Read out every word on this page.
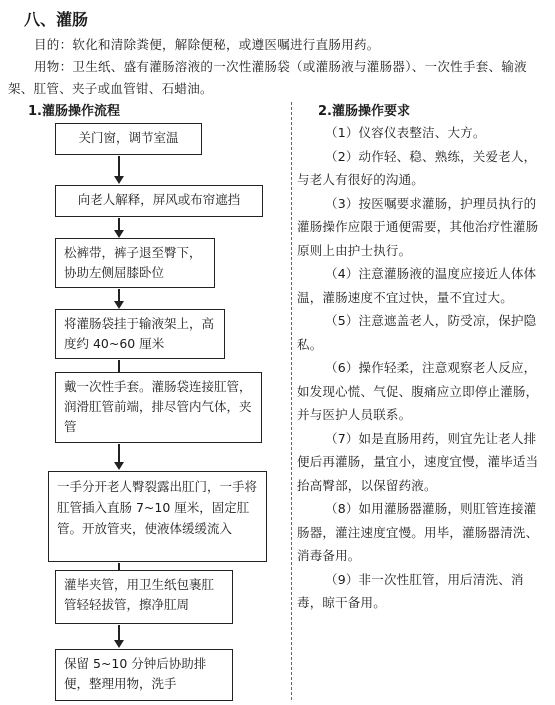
八、灌肠
目的：软化和清除粪便，解除便秘，或遵医嘱进行直肠用药。
用物：卫生纸、盛有灌肠溶液的一次性灌肠袋（或灌肠液与灌肠器）、一次性手套、输液架、肛管、夹子或血管钳、石蜡油。
1.灌肠操作流程	2.灌肠操作要求
关门窗，调节室温
向老人解释，屏风或布帘遮挡
松裤带，裤子退至臀下，协助左侧屈膝卧位
将灌肠袋挂于输液架上，高度约 40~60 厘米
戴一次性手套。灌肠袋连接肛管，润滑肛管前端，排尽管内气体，夹管
一手分开老人臀裂露出肛门，一手将肛管插入直肠 7~10 厘米，固定肛管。开放管夹，使液体缓缓流入
灌毕夹管，用卫生纸包裹肛管轻轻拔管，擦净肛周
保留 5~10 分钟后协助排便，整理用物，洗手

（1）仪容仪表整洁、大方。

（2）动作轻、稳、熟练，关爱老人，与老人有很好的沟通。

（3）按医嘱要求灌肠，护理员执行的灌肠操作应限于通便需要，其他治疗性灌肠原则上由护士执行。

（4）注意灌肠液的温度应接近人体体温，灌肠速度不宜过快，量不宜过大。

（5）注意遮盖老人，防受凉，保护隐私。

（6）操作轻柔，注意观察老人反应，如发现心慌、气促、腹痛应立即停止灌肠，并与医护人员联系。

（7）如是直肠用药，则宜先让老人排便后再灌肠，量宜小，速度宜慢，灌毕适当抬高臀部，以保留药液。

（8）如用灌肠器灌肠，则肛管连接灌肠器，灌注速度宜慢。用毕，灌肠器清洗、消毒备用。

（9）非一次性肛管，用后清洗、消毒，晾干备用。
